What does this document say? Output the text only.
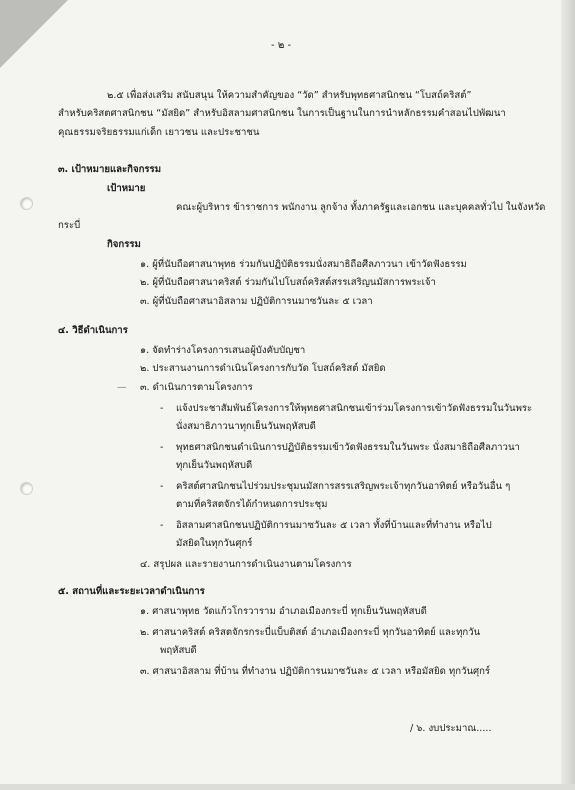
- ๒ -
๒.๕ เพื่อส่งเสริม สนับสนุน ให้ความสำคัญของ “วัด” สำหรับพุทธศาสนิกชน “โบสถ์คริสต์”
สำหรับคริสตศาสนิกชน “มัสยิด” สำหรับอิสลามศาสนิกชน ในการเป็นฐานในการนำหลักธรรมคำสอนไปพัฒนา
คุณธรรมจริยธรรมแก่เด็ก เยาวชน และประชาชน
๓. เป้าหมายและกิจกรรม
เป้าหมาย
คณะผู้บริหาร ข้าราชการ พนักงาน ลูกจ้าง ทั้งภาครัฐและเอกชน และบุคคลทั่วไป ในจังหวัด
กระบี่
กิจกรรม
๑. ผู้ที่นับถือศาสนาพุทธ ร่วมกันปฏิบัติธรรมนั่งสมาธิถือศีลภาวนา เข้าวัดฟังธรรม
๒. ผู้ที่นับถือศาสนาคริสต์ ร่วมกันไปโบสถ์คริสต์สรรเสริญนมัสการพระเจ้า
๓. ผู้ที่นับถือศาสนาอิสลาม ปฏิบัติการนมาซวันละ ๕ เวลา
๔. วิธีดำเนินการ
๑. จัดทำร่างโครงการเสนอผู้บังคับบัญชา
๒. ประสานงานการดำเนินโครงการกับวัด โบสถ์คริสต์ มัสยิด
— ๓. ดำเนินการตามโครงการ
- แจ้งประชาสัมพันธ์โครงการให้พุทธศาสนิกชนเข้าร่วมโครงการเข้าวัดฟังธรรมในวันพระ
นั่งสมาธิภาวนาทุกเย็นวันพฤหัสบดี
- พุทธศาสนิกชนดำเนินการปฏิบัติธรรมเข้าวัดฟังธรรมในวันพระ นั่งสมาธิถือศีลภาวนา
ทุกเย็นวันพฤหัสบดี
- คริสต์ศาสนิกชนไปร่วมประชุมนมัสการสรรเสริญพระเจ้าทุกวันอาทิตย์ หรือวันอื่น ๆ
ตามที่คริสตจักรได้กำหนดการประชุม
- อิสลามศาสนิกชนปฏิบัติการนมาซวันละ ๕ เวลา ทั้งที่บ้านและที่ทำงาน หรือไป
มัสยิดในทุกวันศุกร์
๔. สรุปผล และรายงานการดำเนินงานตามโครงการ
๕. สถานที่และระยะเวลาดำเนินการ
๑. ศาสนาพุทธ วัดแก้วโกรวาราม อำเภอเมืองกระบี่ ทุกเย็นวันพฤหัสบดี
๒. ศาสนาคริสต์ คริสตจักรกระบี่แบ็บติสต์ อำเภอเมืองกระบี่ ทุกวันอาทิตย์ และทุกวัน
พฤหัสบดี
๓. ศาสนาอิสลาม ที่บ้าน ที่ทำงาน ปฏิบัติการนมาซวันละ ๕ เวลา หรือมัสยิด ทุกวันศุกร์
/ ๖. งบประมาณ.....
